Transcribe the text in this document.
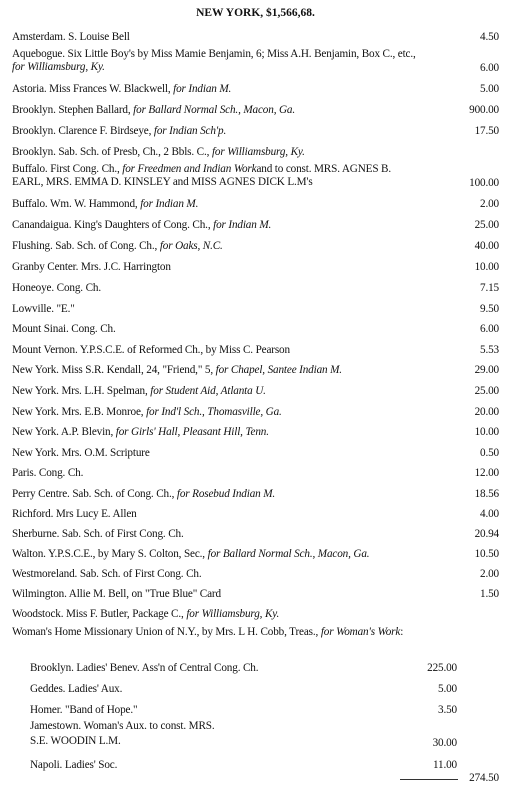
NEW YORK, $1,566,68.
Amsterdam. S. Louise Bell	4.50
Aquebogue. Six Little Boy's by Miss Mamie Benjamin, 6; Miss A.H. Benjamin, Box C., etc., for Williamsburg, Ky.	6.00
Astoria. Miss Frances W. Blackwell, for Indian M.	5.00
Brooklyn. Stephen Ballard, for Ballard Normal Sch., Macon, Ga.	900.00
Brooklyn. Clarence F. Birdseye, for Indian Sch'p.	17.50
Brooklyn. Sab. Sch. of Presb, Ch., 2 Bbls. C., for Williamsburg, Ky.
Buffalo. First Cong. Ch., for Freedmen and Indian Workand to const. MRS. AGNES B. EARL, MRS. EMMA D. KINSLEY and MISS AGNES DICK L.M's	100.00
Buffalo. Wm. W. Hammond, for Indian M.	2.00
Canandaigua. King's Daughters of Cong. Ch., for Indian M.	25.00
Flushing. Sab. Sch. of Cong. Ch., for Oaks, N.C.	40.00
Granby Center. Mrs. J.C. Harrington	10.00
Honeoye. Cong. Ch.	7.15
Lowville. "E."	9.50
Mount Sinai. Cong. Ch.	6.00
Mount Vernon. Y.P.S.C.E. of Reformed Ch., by Miss C. Pearson	5.53
New York. Miss S.R. Kendall, 24, "Friend," 5, for Chapel, Santee Indian M.	29.00
New York. Mrs. L.H. Spelman, for Student Aid, Atlanta U.	25.00
New York. Mrs. E.B. Monroe, for Ind'l Sch., Thomasville, Ga.	20.00
New York. A.P. Blevin, for Girls' Hall, Pleasant Hill, Tenn.	10.00
New York. Mrs. O.M. Scripture	0.50
Paris. Cong. Ch.	12.00
Perry Centre. Sab. Sch. of Cong. Ch., for Rosebud Indian M.	18.56
Richford. Mrs Lucy E. Allen	4.00
Sherburne. Sab. Sch. of First Cong. Ch.	20.94
Walton. Y.P.S.C.E., by Mary S. Colton, Sec., for Ballard Normal Sch., Macon, Ga.	10.50
Westmoreland. Sab. Sch. of First Cong. Ch.	2.00
Wilmington. Allie M. Bell, on "True Blue" Card	1.50
Woodstock. Miss F. Butler, Package C., for Williamsburg, Ky.
Woman's Home Missionary Union of N.Y., by Mrs. L H. Cobb, Treas., for Woman's Work:
Brooklyn. Ladies' Benev. Ass'n of Central Cong. Ch.	225.00
Geddes. Ladies' Aux.	5.00
Homer. "Band of Hope."	3.50
Jamestown. Woman's Aux. to const. MRS. S.E. WOODIN L.M.	30.00
Napoli. Ladies' Soc.	11.00
274.50
